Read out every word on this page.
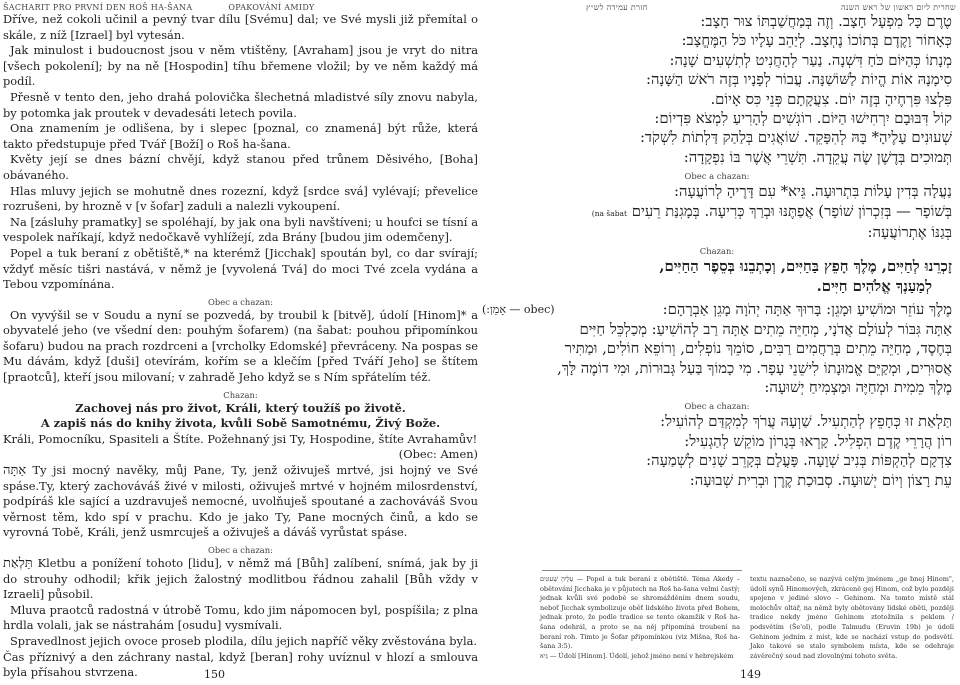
ŠACHARIT PRO PRVNÍ DEN ROŠ HA-ŠANA	OPAKOVÁNÍ AMIDY

Dříve, než cokoli učinil a pevný tvar dílu [Svému] dal; ve Své mysli již přemítal o skále, z níž [Izrael] byl vytesán.

Jak minulost i budoucnost jsou v něm vtištěny, [Avraham] jsou je vryt do nitra [všech pokolení]; by na ně [Hospodin] tíhu břemene vložil; by ve něm každý má podíl.

Přesně v tento den, jeho drahá polovička šlechetná mladistvé síly znovu nabyla, by potomka jak proutek v devadesáti letech povila.

Ona znamením je odlišena, by i slepec [poznal, co znamená] být růže, která takto předstupuje před Tvář [Boží] o Roš ha-šana.

Květy její se dnes bázní chvějí, když stanou před trůnem Děsivého, [Boha] obávaného.

Hlas mluvy jejich se mohutně dnes rozezní, když [srdce svá] vylévají; převelice rozrušeni, by hrozně v [v šofar] zaduli a nalezli vykoupení.

Na [zásluhy pramatky] se spoléhají, by jak ona byli navštíveni; u houfci se tísní a vespolek naříkají, když nedočkavě vyhlížejí, zda Brány [budou jim odemčeny].

Popel a tuk beraní z obětiště,* na kterémž [Jicchak] spoután byl, co dar svírají; vždyť měsíc tišri nastává, v němž je [vyvolená Tvá] do moci Tvé zcela vydána a Tebou vzpomínána.

Obec a chazan:

On vyvýšil se v Soudu a nyní se pozvedá, by troubil k [bitvě], údolí [Hinom]* a obyvatelé jeho (ve všední den: pouhým šofarem) (na šabat: pouhou připomínkou šofaru) budou na prach rozdrceni a [vrcholky Edomské] převráceny. Na pospas se Mu dávám, když [duši] otevírám, kořím se a klečím [před Tváří Jeho] se štítem [praotců], kteří jsou milovaní; v zahradě Jeho když se s Ním spřátelím též.

Chazan:

Zachovej nás pro život, Králi, který toužíš po životě.

A zapiš nás do knihy života, kvůli Sobě Samotnému, Živý Bože.

Králi, Pomocníku, Spasiteli a Štíte. Požehnaný jsi Ty, Hospodine, štíte Avrahamův!

(Obec: Amen)

אַתָּה Ty jsi mocný navěky, můj Pane, Ty, jenž oživuješ mrtvé, jsi hojný ve Své spáse.Ty, který zachováváš živé v milosti, oživuješ mrtvé v hojném milosrdenství, podpíráš kle sající a uzdravuješ nemocné, uvolňuješ spoutané a zachováváš Svou věrnost těm, kdo spí v prachu. Kdo je jako Ty, Pane mocných činů, a kdo se vyrovná Tobě, Králi, jenž usmrcuješ a oživuješ a dáváš vyrůstat spáse.

Obec a chazan:

תַּלְאַת Kletbu a ponížení tohoto [lidu], v němž má [Bůh] zalíbení, snímá, jak by ji do strouhy odhodil; křik jejich žalostný modlitbou řádnou zahalil [Bůh vždy v Izraeli] působil.

Mluva praotců radostná v útrobě Tomu, kdo jim nápomocen byl, pospíšila; z plna hrdla volali, jak se nástrahám [osudu] vysmívali.

Spravedlnost jejich ovoce proseb plodila, dílu jejich napříč věky zvěstována byla.

Čas příznivý a den záchrany nastal, když [beran] rohy uvíznul v hlozí a smlouva byla přísahou stvrzena.	150
שחרית ליום ראשון של ראש השנה
חזרת עמידה לש״ץ

טֶרֶם כָּל מִפְעָל חָצָב. וְזֶה בְּמַחֲשַׁבְתּוֹ צוּר חָצָב:

כְּאָחוֹר וָקֶדֶם בְּתוֹכוֹ נֶחְצָב. לְיַהֵב עָלָיו כֹּל הַמֶּחֱצָב:

מְנָתוֹ כְּהַיּוֹם כֹּחַ דִּשְׁנָה. נַעַר לְהָחֲנִיט לְתִשְׁעִים שָׁנָה:

סִימָנָהּ אוֹת הֱיוֹת לַשּׁוֹשַׁנָּה. עֲבוֹר לְפָנָיו בְּזֶה רֹאשׁ הַשָּׁנָה:

פִּלְצוּ פִּרְחֶיהָ בְּזֶה יוֹם. צִעֲקָתָם פְּנֵי כִּס אָיוֹם.

קוֹל דִּבּוּבָם יִרְחִישׁוּ הַיּוֹם. רוֹגְשִׁים לְהָרִיעַ לִמְצֹא פִּדְיוֹם:

שְׁעוּנִים עָלֶיהָ* בָּהּ לְהִפָּקֵד. שׁוֹאֲגִים בְּלַהַק דַּלְתוֹת לִשְׁקֹד:

תְּמוּכִים בְּדֶשֶׁן שֶׂה עֲקֵדָה. תִּשְׁרֵי אֲשֶׁר בּוֹ נִפְקָדָה:

Obec a chazan:

נַעֲלָה בְּדִין עָלוֹת בִּתְרוּעָה. גֵּיא* עִם דָּרֶיהָ לְרוֹעֲעָה:

בְּשׁוֹפָר — בְּזִכְרוֹן שׁוֹפָר) אֲפַתֶּנּוּ וּבְרַךְ כְּרִיעָה. בְּמָגִנַּת רֵעִים (na šabat

בְּגַנּוֹ אֶתְרוֹעֲעָה:

Chazan:

זָכְרֵנוּ לְחַיִּים, מֶלֶךְ חָפֵץ בַּחַיִּים, וְכָתְבֵנוּ בְּסֵפֶר הַחַיִּים,

לְמַעַנְךָ אֱלֹהִים חַיִּים.

מֶלֶךְ עוֹזֵר וּמוֹשִׁיעַ וּמָגֵן: בָּרוּךְ אַתָּה יְהֹוָה מָגֵן אַבְרָהָם:
(obec — אָמֵן:)

אַתָּה גִּבּוֹר לְעוֹלָם אֲדֹנָי, מְחַיֵּה מֵתִים אַתָּה רַב לְהוֹשִׁיעַ: מְכַלְכֵּל חַיִּים

בְּחֶסֶד, מְחַיֵּה מֵתִים בְּרַחֲמִים רַבִּים, סוֹמֵךְ נוֹפְלִים, וְרוֹפֵא חוֹלִים, וּמַתִּיר

אֲסוּרִים, וּמְקַיֵּם אֱמוּנָתוֹ לִישֵׁנֵי עָפָר. מִי כָמוֹךָ בַּעַל גְּבוּרוֹת, וּמִי דוֹמֶה לָּךְ,

מֶלֶךְ מֵמִית וּמְחַיֶּה וּמַצְמִיחַ יְשׁוּעָה:

Obec a chazan:

תַּלְאַת זוּ כְּחָפֵץ לְהַתְעִיל. שַׁוְעָהּ עֲרֹךְ לְמִקְדַּם לְהוֹעִיל:

רוֹן הֲרָרֵי קֶדֶם הִפְלִיל. קָרְאוּ בְּגָרוֹן מוֹקֵשׁ לְהַגְעִיל:

צִדְקָם לְהַקְפּוֹת בְּנִיב שְׁוָעָה. פָּעֳלָם בְּקָרֵב שָׁנִים לְשְׁמַעָה:

עֵת רָצוֹן וְיוֹם יְשׁוּעָה. סְבוּכַת קֶרֶן וּבְרִית שְׁבוּעָה:

עָלֶיהָ שְׁעוּנִים — Popel a tuk beraní z obětiště. Téma Akedy – obětování Jicchaka je v půjutech na Roš ha-šana velmi častý; jednak kvůli své podobě se shromážděním dnem soudu, neboť Jicchak symbolizuje oběť lidského života před Bohem, jednak proto, že podle tradice se tento okamžik v Roš ha-šana odehrál, a proto se na něj připomíná troubení na beraní roh. Tímto je Šofar připomínkou (viz Mišna, Roš ha-šana 3:5).

גֵּיא — Údolí [Hinom]. Údolí, jehož jméno není v hebrejském

textu naznačeno, se nazývá celým jménem „ge bnej Hinom", údolí synů Hinomových, zkráceně gej Hinom, což bylo později spojeno v jediné slovo – Gehinom. Na tomto místě stál molochův oltář, na němž byly obětovány lidské oběti, později tradice nekdy jméno Gehinom ztotožnila s peklem / podsvětím (Še'ol), podle Talmudu (Eruvin 19b) je údolí Gehinom jedním z míst, kde se nachází vstup do podsvětí. Jako takové se stalo symbolem místa, kde se odehraje závěrečný soud nad zlovolnými tohoto světa.

149
